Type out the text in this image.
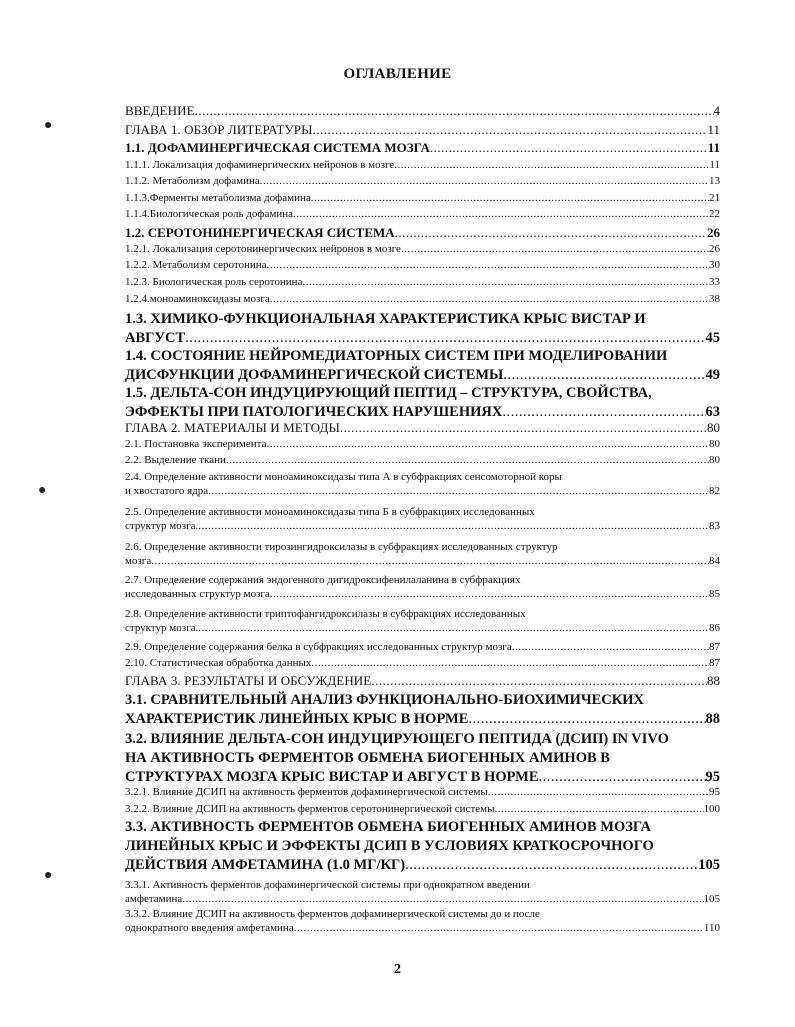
ОГЛАВЛЕНИЕ
ВВЕДЕНИЕ .....	4
ГЛАВА 1. ОБЗОР ЛИТЕРАТУРЫ .....	11
1.1. ДОФАМИНЕРГИЧЕСКАЯ СИСТЕМА МОЗГА .....	11
1.1.1. Локализация дофаминергических нейронов в мозге .....	11
1.1.2. Метаболизм дофамина .....	13
1.1.3.Ферменты метаболизма дофамина .....	21
1.1.4.Биологическая роль дофамина .....	22
1.2. СЕРОТОНИНЕРГИЧЕСКАЯ СИСТЕМА .....	26
1.2.1. Локализация серотонинергических нейронов в мозге .....	26
1.2.2. Метаболизм серотонина .....	30
1.2.3. Биологическая роль серотонина .....	33
1.2.4.моноаминоксидазы мозга .....	38
1.3. ХИМИКО-ФУНКЦИОНАЛЬНАЯ ХАРАКТЕРИСТИКА КРЫС ВИСТАР И
АВГУСТ .....	45
1.4. СОСТОЯНИЕ НЕЙРОМЕДИАТОРНЫХ СИСТЕМ ПРИ МОДЕЛИРОВАНИИ
ДИСФУНКЦИИ ДОФАМИНЕРГИЧЕСКОЙ СИСТЕМЫ .....	49
1.5. ДЕЛЬТА-СОН ИНДУЦИРУЮЩИЙ ПЕПТИД – СТРУКТУРА, СВОЙСТВА,
ЭФФЕКТЫ ПРИ ПАТОЛОГИЧЕСКИХ НАРУШЕНИЯХ .....	63
ГЛАВА 2. МАТЕРИАЛЫ И МЕТОДЫ .....	80
2.1. Постановка эксперимента .....	80
2.2. Выделение ткани .....	80
2.4. Определение активности моноаминоксидазы типа А в субфракциях сенсомоторной коры
и хвостатого ядра .....	82
2.5. Определение активности моноаминоксидазы типа Б в субфракциях исследованных
структур мозга. .....	83
2.6. Определение активности тирозингидроксилазы в субфракциях исследованных структур
мозга .....	84
2.7. Определение содержания эндогенного дигидроксифенилаланина в субфракциях
исследованных структур мозга .....	85
2.8. Определение активности триптофангидроксилазы в субфракциях исследованных
структур мозга. .....	86
2.9. Определение содержания белка в субфракциях исследованных структур мозга .....	87
2.10. Статистическая обработка данных .....	87
ГЛАВА 3. РЕЗУЛЬТАТЫ И ОБСУЖДЕНИЕ .....	88
3.1. СРАВНИТЕЛЬНЫЙ АНАЛИЗ ФУНКЦИОНАЛЬНО-БИОХИМИЧЕСКИХ
ХАРАКТЕРИСТИК ЛИНЕЙНЫХ КРЫС В НОРМЕ .....	88
3.2. ВЛИЯНИЕ ДЕЛЬТА-СОН ИНДУЦИРУЮЩЕГО ПЕПТИДА (ДСИП) IN VIVO
НА АКТИВНОСТЬ ФЕРМЕНТОВ ОБМЕНА БИОГЕННЫХ АМИНОВ В
СТРУКТУРАХ МОЗГА КРЫС ВИСТАР И АВГУСТ В НОРМЕ .....	95
3.2.1. Влияние ДСИП на активность ферментов дофаминергической системы .....	95
3.2.2. Влияние ДСИП на активность ферментов серотонинергической системы .....	100
3.3. АКТИВНОСТЬ ФЕРМЕНТОВ ОБМЕНА БИОГЕННЫХ АМИНОВ МОЗГА
ЛИНЕЙНЫХ КРЫС И ЭФФЕКТЫ ДСИП В УСЛОВИЯХ КРАТКОСРОЧНОГО
ДЕЙСТВИЯ АМФЕТАМИНА (1.0 МГ/КГ) .....	105
3.3.1. Активность ферментов дофаминергической системы при однократном введении
амфетамина .....	105
3.3.2. Влияние ДСИП на активность ферментов дофаминергической системы до и после
однократного введения амфетамина .....	110
2
●
●
●
